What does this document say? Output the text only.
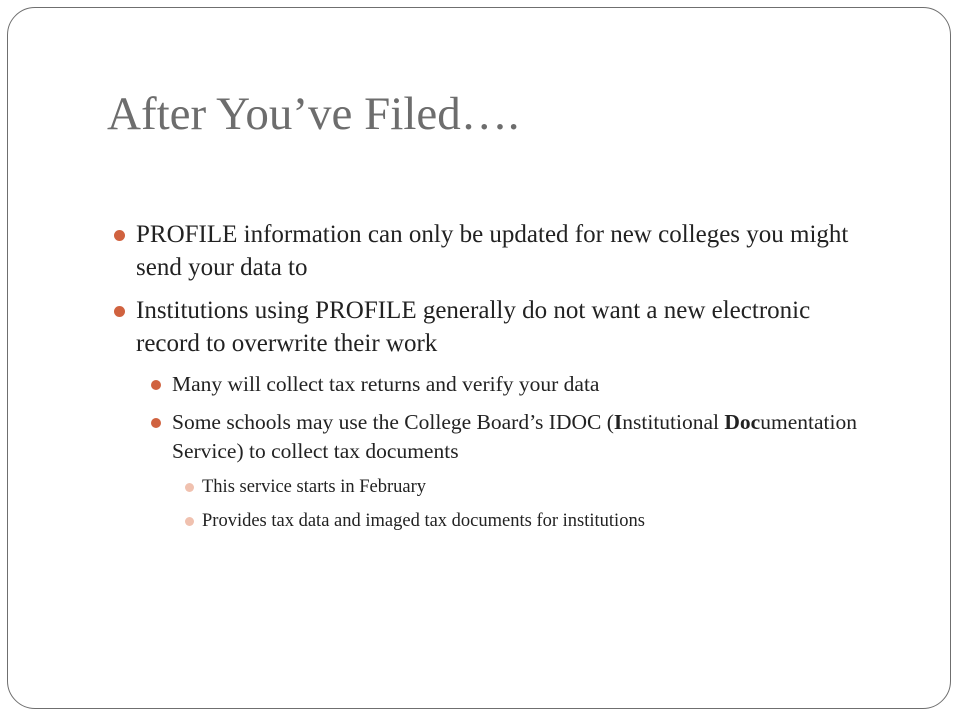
After You’ve Filed….

PROFILE information can only be updated for new colleges you might send your data to

Institutions using PROFILE generally do not want a new electronic record to overwrite their work

Many will collect tax returns and verify your data

Some schools may use the College Board’s IDOC (Institutional Documentation Service) to collect tax documents

This service starts in February

Provides tax data and imaged tax documents for institutions
